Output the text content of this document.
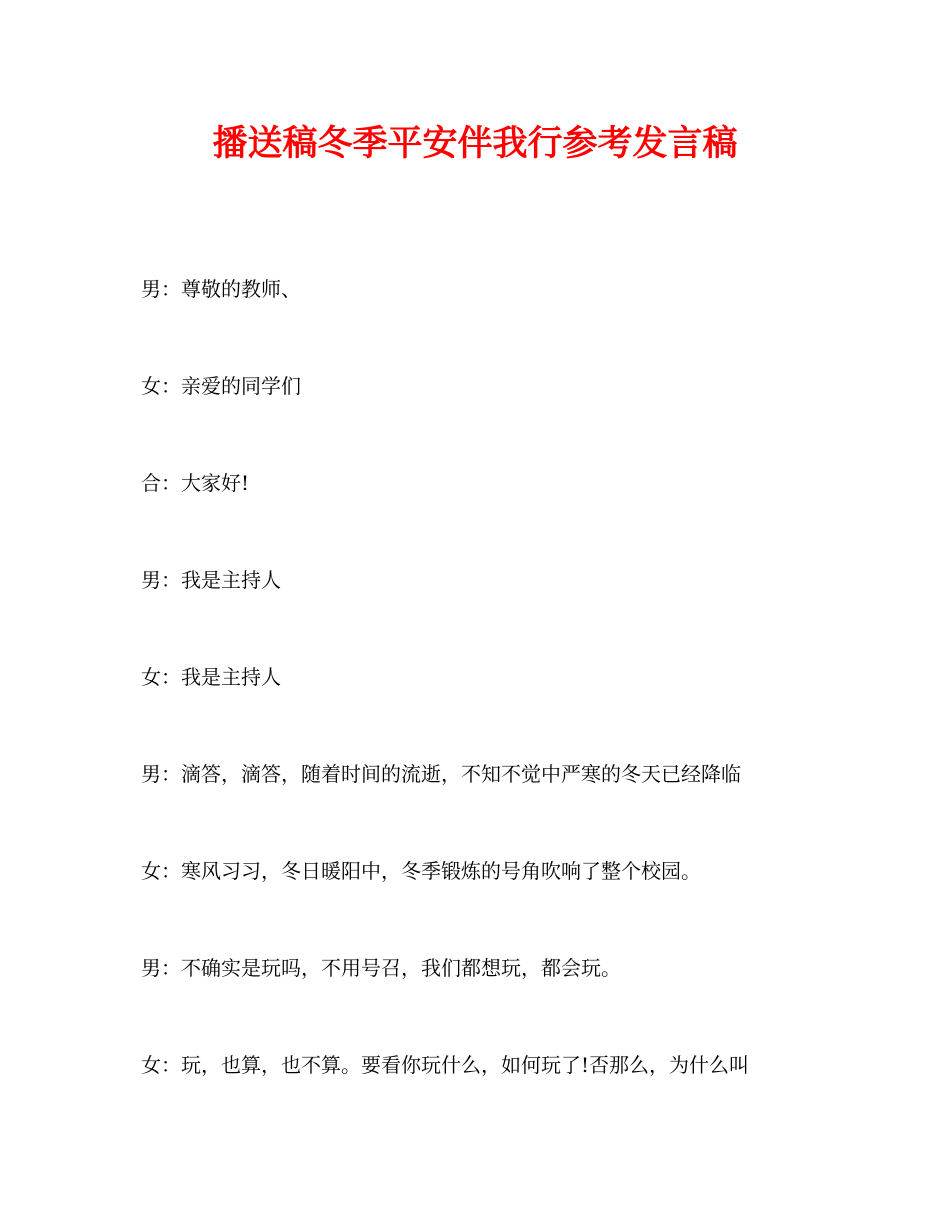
播送稿冬季平安伴我行参考发言稿
男：尊敬的教师、
女：亲爱的同学们
合：大家好!
男：我是主持人
女：我是主持人
男：滴答，滴答，随着时间的流逝，不知不觉中严寒的冬天已经降临
女：寒风习习，冬日暖阳中，冬季锻炼的号角吹响了整个校园。
男：不确实是玩吗，不用号召，我们都想玩，都会玩。
女：玩，也算，也不算。要看你玩什么，如何玩了!否那么，为什么叫
